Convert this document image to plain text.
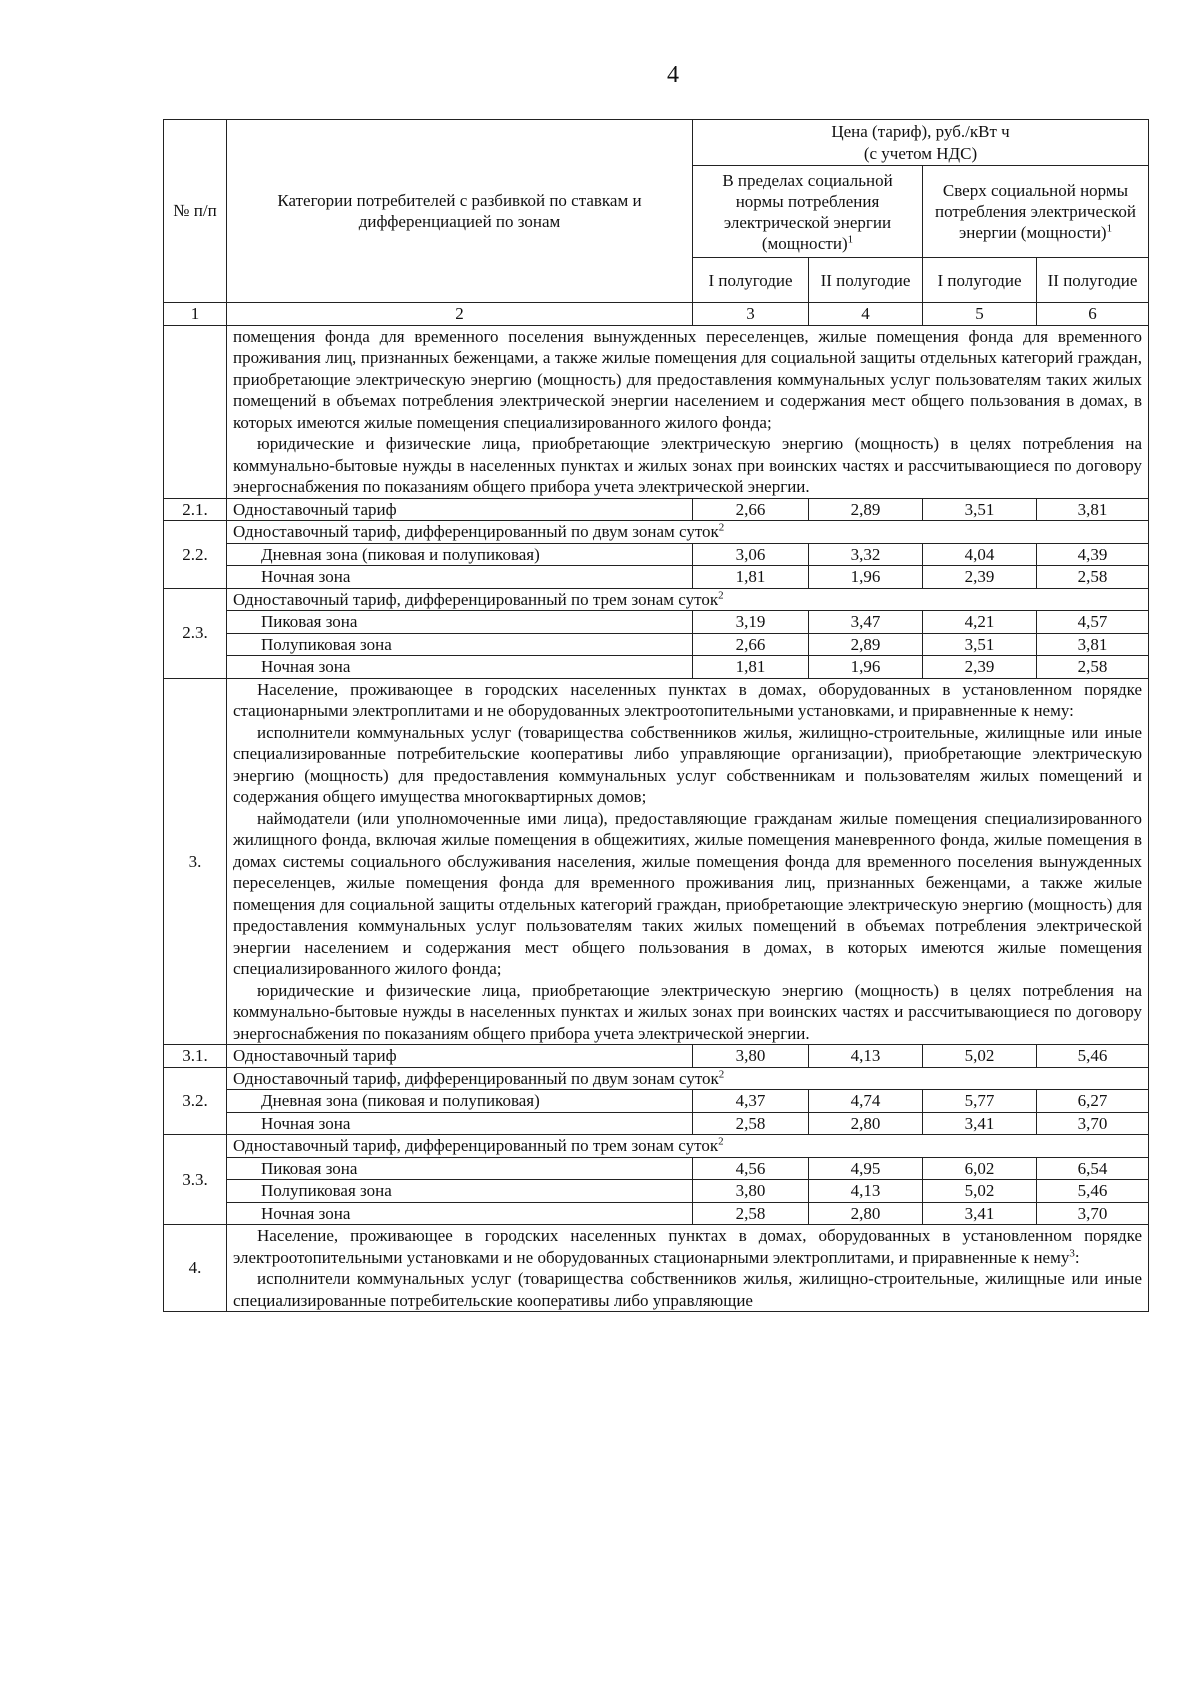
4
№ п/п	Категории потребителей с разбивкой по ставкам и дифференциацией по зонам	Цена (тариф), руб./кВт ч
(с учетом НДС)			
		В пределах социальной нормы потребления электрической энергии (мощности)$^1$		Сверх социальной нормы потребления электрической энергии (мощности)$^1$
		I полугодие	II полугодие	I полугодие	II полугодие

1	2	3	4	5	6

	помещения фонда для временного поселения вынужденных переселенцев, жилые помещения фонда для временного проживания лиц, признанных беженцами, а также жилые помещения для социальной защиты отдельных категорий граждан, приобретающие электрическую энергию (мощность) для предоставления коммунальных услуг пользователям таких жилых помещений в объемах потребления электрической энергии населением и содержания мест общего пользования в домах, в которых имеются жилые помещения специализированного жилого фонда;

юридические и физические лица, приобретающие электрическую энергию (мощность) в целях потребления на коммунально-бытовые нужды в населенных пунктах и жилых зонах при воинских частях и рассчитывающиеся по договору энергоснабжения по показаниям общего прибора учета электрической энергии.				

2.1.	Одноставочный тариф	2,66	2,89	3,51	3,81
2.2.	Одноставочный тариф, дифференцированный по двум зонам суток$^2$
	Дневная зона (пиковая и полупиковая)	3,06	3,32	4,04	4,39
	Ночная зона	1,81	1,96	2,39	2,58
2.3.	Одноставочный тариф, дифференцированный по трем зонам суток$^2$
	Пиковая зона	3,19	3,47	4,21	4,57
	Полупиковая зона	2,66	2,89	3,51	3,81
	Ночная зона	1,81	1,96	2,39	2,58
3.	Население, проживающее в городских населенных пунктах в домах, оборудованных в установленном порядке стационарными электроплитами и не оборудованных электроотопительными установками, и приравненные к нему:

исполнители коммунальных услуг (товарищества собственников жилья, жилищно-строительные, жилищные или иные специализированные потребительские кооперативы либо управляющие организации), приобретающие электрическую энергию (мощность) для предоставления коммунальных услуг собственникам и пользователям жилых помещений и содержания общего имущества многоквартирных домов;

наймодатели (или уполномоченные ими лица), предоставляющие гражданам жилые помещения специализированного жилищного фонда, включая жилые помещения в общежитиях, жилые помещения маневренного фонда, жилые помещения в домах системы социального обслуживания населения, жилые помещения фонда для временного поселения вынужденных переселенцев, жилые помещения фонда для временного проживания лиц, признанных беженцами, а также жилые помещения для социальной защиты отдельных категорий граждан, приобретающие электрическую энергию (мощность) для предоставления коммунальных услуг пользователям таких жилых помещений в объемах потребления электрической энергии населением и содержания мест общего пользования в домах, в которых имеются жилые помещения специализированного жилого фонда;

юридические и физические лица, приобретающие электрическую энергию (мощность) в целях потребления на коммунально-бытовые нужды в населенных пунктах и жилых зонах при воинских частях и рассчитывающиеся по договору энергоснабжения по показаниям общего прибора учета электрической энергии.				

3.1.	Одноставочный тариф	3,80	4,13	5,02	5,46
3.2.	Одноставочный тариф, дифференцированный по двум зонам суток$^2$
	Дневная зона (пиковая и полупиковая)	4,37	4,74	5,77	6,27
	Ночная зона	2,58	2,80	3,41	3,70
3.3.	Одноставочный тариф, дифференцированный по трем зонам суток$^2$
	Пиковая зона	4,56	4,95	6,02	6,54
	Полупиковая зона	3,80	4,13	5,02	5,46
	Ночная зона	2,58	2,80	3,41	3,70
4.	Население, проживающее в городских населенных пунктах в домах, оборудованных в установленном порядке электроотопительными установками и не оборудованных стационарными электроплитами, и приравненные к нему$^3$:

исполнители коммунальных услуг (товарищества собственников жилья, жилищно-строительные, жилищные или иные специализированные потребительские кооперативы либо управляющие				
